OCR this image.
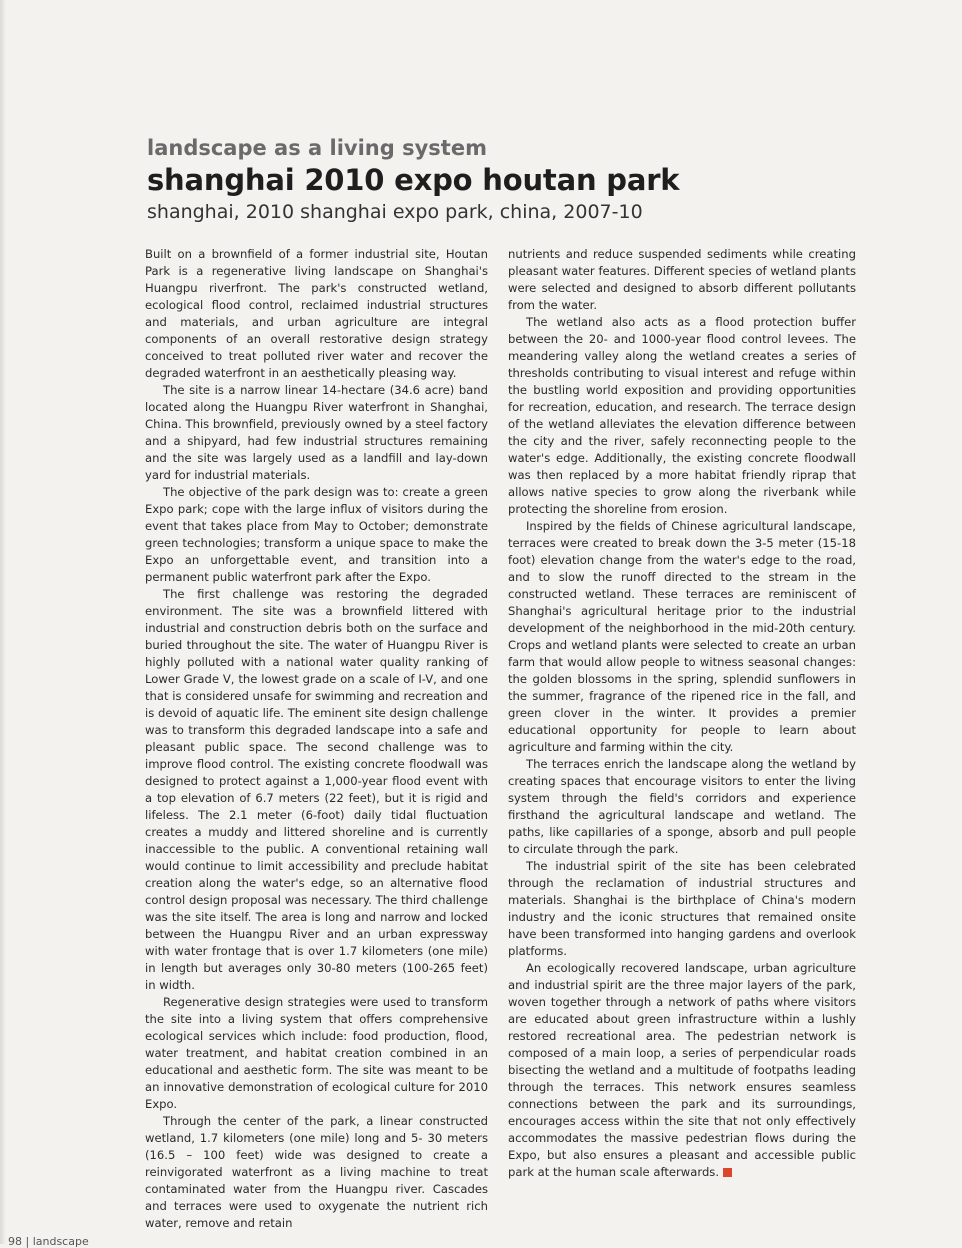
landscape as a living system
shanghai 2010 expo houtan park
shanghai, 2010 shanghai expo park, china, 2007-10

Built on a brownfield of a former industrial site, Houtan Park is a regenerative living landscape on Shanghai's Huangpu riverfront. The park's constructed wetland, ecological flood control, reclaimed industrial structures and materials, and urban agriculture are integral components of an overall restorative design strategy conceived to treat polluted river water and recover the degraded waterfront in an aesthetically pleasing way.

The site is a narrow linear 14-hectare (34.6 acre) band located along the Huangpu River waterfront in Shanghai, China. This brownfield, previously owned by a steel factory and a shipyard, had few industrial structures remaining and the site was largely used as a landfill and lay-down yard for industrial materials.

The objective of the park design was to: create a green Expo park; cope with the large influx of visitors during the event that takes place from May to October; demonstrate green technologies; transform a unique space to make the Expo an unforgettable event, and transition into a permanent public waterfront park after the Expo.

The first challenge was restoring the degraded environment. The site was a brownfield littered with industrial and construction debris both on the surface and buried throughout the site. The water of Huangpu River is highly polluted with a national water quality ranking of Lower Grade V, the lowest grade on a scale of I-V, and one that is considered unsafe for swimming and recreation and is devoid of aquatic life. The eminent site design challenge was to transform this degraded landscape into a safe and pleasant public space. The second challenge was to improve flood control. The existing concrete floodwall was designed to protect against a 1,000-year flood event with a top elevation of 6.7 meters (22 feet), but it is rigid and lifeless. The 2.1 meter (6-foot) daily tidal fluctuation creates a muddy and littered shoreline and is currently inaccessible to the public. A conventional retaining wall would continue to limit accessibility and preclude habitat creation along the water's edge, so an alternative flood control design proposal was necessary. The third challenge was the site itself. The area is long and narrow and locked between the Huangpu River and an urban expressway with water frontage that is over 1.7 kilometers (one mile) in length but averages only 30-80 meters (100-265 feet) in width.

Regenerative design strategies were used to transform the site into a living system that offers comprehensive ecological services which include: food production, flood, water treatment, and habitat creation combined in an educational and aesthetic form. The site was meant to be an innovative demonstration of ecological culture for 2010 Expo.

Through the center of the park, a linear constructed wetland, 1.7 kilometers (one mile) long and 5- 30 meters (16.5 – 100 feet) wide was designed to create a reinvigorated waterfront as a living machine to treat contaminated water from the Huangpu river. Cascades and terraces were used to oxygenate the nutrient rich water, remove and retain

nutrients and reduce suspended sediments while creating pleasant water features. Different species of wetland plants were selected and designed to absorb different pollutants from the water.

The wetland also acts as a flood protection buffer between the 20- and 1000-year flood control levees. The meandering valley along the wetland creates a series of thresholds contributing to visual interest and refuge within the bustling world exposition and providing opportunities for recreation, education, and research. The terrace design of the wetland alleviates the elevation difference between the city and the river, safely reconnecting people to the water's edge. Additionally, the existing concrete floodwall was then replaced by a more habitat friendly riprap that allows native species to grow along the riverbank while protecting the shoreline from erosion.

Inspired by the fields of Chinese agricultural landscape, terraces were created to break down the 3-5 meter (15-18 foot) elevation change from the water's edge to the road, and to slow the runoff directed to the stream in the constructed wetland. These terraces are reminiscent of Shanghai's agricultural heritage prior to the industrial development of the neighborhood in the mid-20th century. Crops and wetland plants were selected to create an urban farm that would allow people to witness seasonal changes: the golden blossoms in the spring, splendid sunflowers in the summer, fragrance of the ripened rice in the fall, and green clover in the winter. It provides a premier educational opportunity for people to learn about agriculture and farming within the city.

The terraces enrich the landscape along the wetland by creating spaces that encourage visitors to enter the living system through the field's corridors and experience firsthand the agricultural landscape and wetland. The paths, like capillaries of a sponge, absorb and pull people to circulate through the park.

The industrial spirit of the site has been celebrated through the reclamation of industrial structures and materials. Shanghai is the birthplace of China's modern industry and the iconic structures that remained onsite have been transformed into hanging gardens and overlook platforms.

An ecologically recovered landscape, urban agriculture and industrial spirit are the three major layers of the park, woven together through a network of paths where visitors are educated about green infrastructure within a lushly restored recreational area. The pedestrian network is composed of a main loop, a series of perpendicular roads bisecting the wetland and a multitude of footpaths leading through the terraces. This network ensures seamless connections between the park and its surroundings, encourages access within the site that not only effectively accommodates the massive pedestrian flows during the Expo, but also ensures a pleasant and accessible public park at the human scale afterwards.

98 | landscape
